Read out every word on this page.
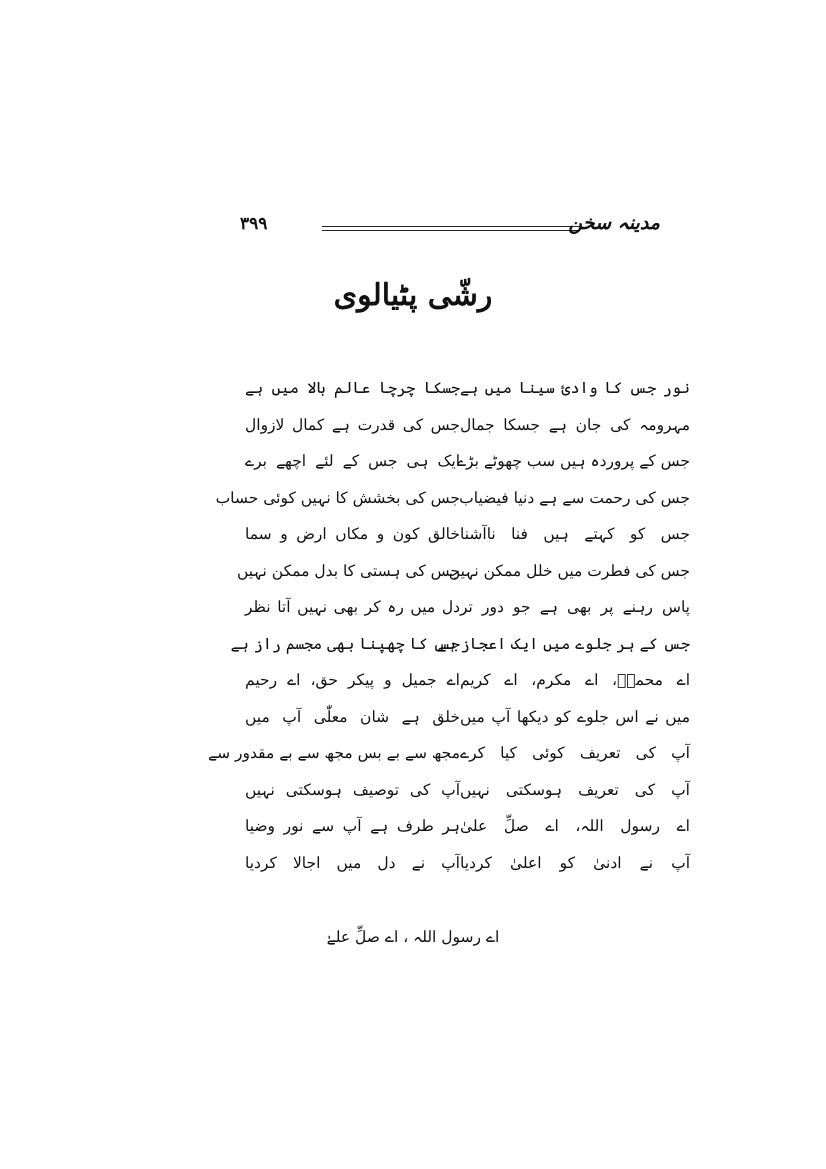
۳۹۹	مدینہ سخن
رشّی پٹیالوی
نور جس کا وادیٔ سینا میں ہے
جسکا چرچا عالم بالا میں ہے
مہرومہ کی جان ہے جسکا جمال
جس کی قدرت ہے کمال لازوال
جس کے پروردہ ہیں سب چھوٹے بڑے
ایک ہی جس کے لئے اچھے برے
جس کی رحمت سے ہے دنیا فیضیاب
جس کی بخشش کا نہیں کوئی حساب
جس کو کہتے ہیں فنا ناآشنا
خالق کون و مکاں ارض و سما
جس کی فطرت میں خلل ممکن نہیں
جس کی ہستی کا بدل ممکن نہیں
پاس رہنے پر بھی ہے جو دور تر
دل میں رہ کر بھی نہیں آتا نظر
جس کے ہر جلوے میں ایک اعجاز ہے
جس کا چھپنا بھی مجسم راز ہے
اے محمدؐ، اے مکرم، اے کریم
اے جمیل و پیکر حق، اے رحیم
میں نے اس جلوے کو دیکھا آپ میں
خلق ہے شان معلّٰی آپ میں
آپ کی تعریف کوئی کیا کرے
مجھ سے بے بس مجھ سے بے مقدور سے
آپ کی تعریف ہوسکتی نہیں
آپ کی توصیف ہوسکتی نہیں
اے رسول اللہ، اے صلِّ علیٰ
ہر طرف ہے آپ سے نور وضیا
آپ نے ادنیٰ کو اعلیٰ کردیا
آپ نے دل میں اجالا کردیا
اے رسول اللہ ، اے صلِّ علےٰ
